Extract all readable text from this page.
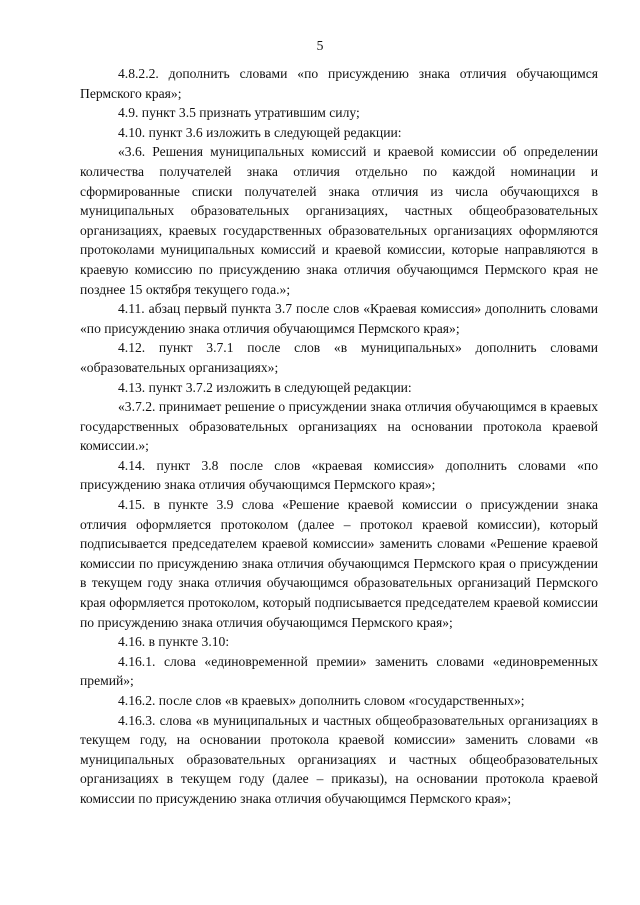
5

4.8.2.2. дополнить словами «по присуждению знака отличия обучающимся Пермского края»;

4.9. пункт 3.5 признать утратившим силу;

4.10. пункт 3.6 изложить в следующей редакции:

«3.6. Решения муниципальных комиссий и краевой комиссии об определении количества получателей знака отличия отдельно по каждой номинации и сформированные списки получателей знака отличия из числа обучающихся в муниципальных образовательных организациях, частных общеобразовательных организациях, краевых государственных образовательных организациях оформляются протоколами муниципальных комиссий и краевой комиссии, которые направляются в краевую комиссию по присуждению знака отличия обучающимся Пермского края не позднее 15 октября текущего года.»;

4.11. абзац первый пункта 3.7 после слов «Краевая комиссия» дополнить словами «по присуждению знака отличия обучающимся Пермского края»;

4.12. пункт 3.7.1 после слов «в муниципальных» дополнить словами «образовательных организациях»;

4.13. пункт 3.7.2 изложить в следующей редакции:

«3.7.2. принимает решение о присуждении знака отличия обучающимся в краевых государственных образовательных организациях на основании протокола краевой комиссии.»;

4.14. пункт 3.8 после слов «краевая комиссия» дополнить словами «по присуждению знака отличия обучающимся Пермского края»;

4.15. в пункте 3.9 слова «Решение краевой комиссии о присуждении знака отличия оформляется протоколом (далее – протокол краевой комиссии), который подписывается председателем краевой комиссии» заменить словами «Решение краевой комиссии по присуждению знака отличия обучающимся Пермского края о присуждении в текущем году знака отличия обучающимся образовательных организаций Пермского края оформляется протоколом, который подписывается председателем краевой комиссии по присуждению знака отличия обучающимся Пермского края»;

4.16. в пункте 3.10:

4.16.1. слова «единовременной премии» заменить словами «единовременных премий»;

4.16.2. после слов «в краевых» дополнить словом «государственных»;

4.16.3. слова «в муниципальных и частных общеобразовательных организациях в текущем году, на основании протокола краевой комиссии» заменить словами «в муниципальных образовательных организациях и частных общеобразовательных организациях в текущем году (далее – приказы), на основании протокола краевой комиссии по присуждению знака отличия обучающимся Пермского края»;
